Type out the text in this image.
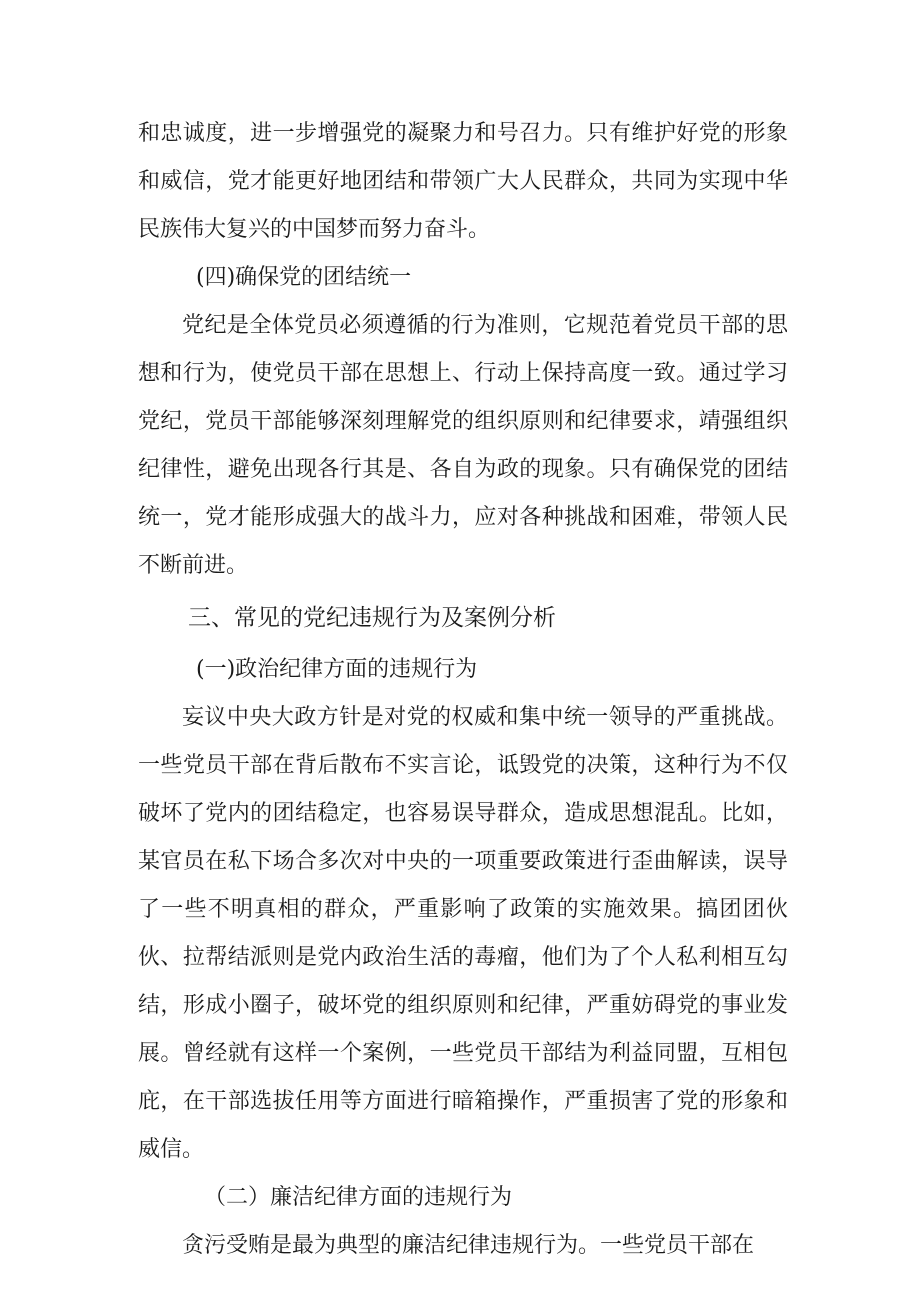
和忠诚度，进一步增强党的凝聚力和号召力。只有维护好党的形象和威信，党才能更好地团结和带领广大人民群众，共同为实现中华民族伟大复兴的中国梦而努力奋斗。

(四)确保党的团结统一

党纪是全体党员必须遵循的行为准则，它规范着党员干部的思想和行为，使党员干部在思想上、行动上保持高度一致。通过学习党纪，党员干部能够深刻理解党的组织原则和纪律要求，靖强组织纪律性，避免出现各行其是、各自为政的现象。只有确保党的团结统一，党才能形成强大的战斗力，应对各种挑战和困难，带领人民不断前进。

三、常见的党纪违规行为及案例分析

(一)政治纪律方面的违规行为

妄议中央大政方针是对党的权威和集中统一领导的严重挑战。一些党员干部在背后散布不实言论，诋毁党的决策，这种行为不仅破坏了党内的团结稳定，也容易误导群众，造成思想混乱。比如，某官员在私下场合多次对中央的一项重要政策进行歪曲解读，误导了一些不明真相的群众，严重影响了政策的实施效果。搞团团伙伙、拉帮结派则是党内政治生活的毒瘤，他们为了个人私利相互勾结，形成小圈子，破坏党的组织原则和纪律，严重妨碍党的事业发展。曾经就有这样一个案例，一些党员干部结为利益同盟，互相包庇，在干部选拔任用等方面进行暗箱操作，严重损害了党的形象和威信。

（二）廉洁纪律方面的违规行为

贪污受贿是最为典型的廉洁纪律违规行为。一些党员干部在
